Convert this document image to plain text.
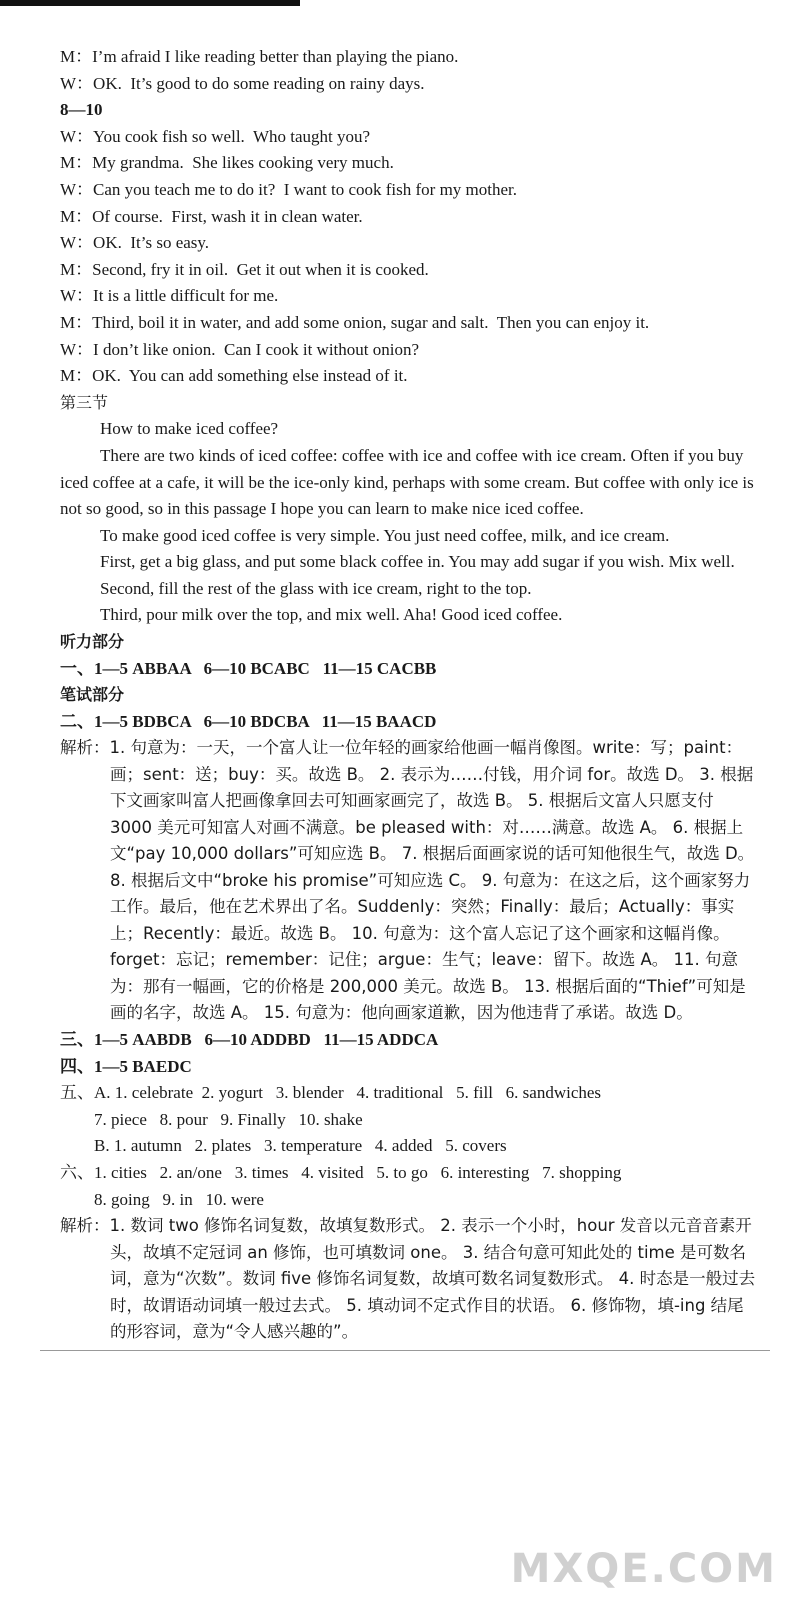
M：I’m afraid I like reading better than playing the piano.

W：OK.  It’s good to do some reading on rainy days.

8—10

W：You cook fish so well.  Who taught you?

M：My grandma.  She likes cooking very much.

W：Can you teach me to do it?  I want to cook fish for my mother.

M：Of course.  First, wash it in clean water.

W：OK.  It’s so easy.

M：Second, fry it in oil.  Get it out when it is cooked.

W：It is a little difficult for me.

M：Third, boil it in water, and add some onion, sugar and salt.  Then you can enjoy it.

W：I don’t like onion.  Can I cook it without onion?

M：OK.  You can add something else instead of it.

第三节

How to make iced coffee?

There are two kinds of iced coffee: coffee with ice and coffee with ice cream. Often if you buy iced coffee at a cafe, it will be the ice-only kind, perhaps with some cream. But coffee with only ice is not so good, so in this passage I hope you can learn to make nice iced coffee.

To make good iced coffee is very simple. You just need coffee, milk, and ice cream.

First, get a big glass, and put some black coffee in. You may add sugar if you wish. Mix well.

Second, fill the rest of the glass with ice cream, right to the top.

Third, pour milk over the top, and mix well. Aha! Good iced coffee.

听力部分

一、1—5 ABBAA   6—10 BCABC   11—15 CACBB

笔试部分

二、1—5 BDBCA   6—10 BDCBA   11—15 BAACD

解析：1. 句意为：一天，一个富人让一位年轻的画家给他画一幅肖像图。write：写；paint：画；sent：送；buy：买。故选 B。 2. 表示为……付钱，用介词 for。故选 D。 3. 根据下文画家叫富人把画像拿回去可知画家画完了，故选 B。 5. 根据后文富人只愿支付 3000 美元可知富人对画不满意。be pleased with：对……满意。故选 A。 6. 根据上文“pay 10,000 dollars”可知应选 B。 7. 根据后面画家说的话可知他很生气，故选 D。 8. 根据后文中“broke his promise”可知应选 C。 9. 句意为：在这之后，这个画家努力工作。最后，他在艺术界出了名。Suddenly：突然；Finally：最后；Actually：事实上；Recently：最近。故选 B。 10. 句意为：这个富人忘记了这个画家和这幅肖像。forget：忘记；remember：记住；argue：生气；leave：留下。故选 A。 11. 句意为：那有一幅画，它的价格是 200,000 美元。故选 B。 13. 根据后面的“Thief”可知是画的名字，故选 A。 15. 句意为：他向画家道歉，因为他违背了承诺。故选 D。

三、1—5 AABDB   6—10 ADDBD   11—15 ADDCA

四、1—5 BAEDC

五、A. 1. celebrate  2. yogurt   3. blender   4. traditional   5. fill   6. sandwiches

7. piece   8. pour   9. Finally   10. shake

B. 1. autumn   2. plates   3. temperature   4. added   5. covers

六、1. cities   2. an/one   3. times   4. visited   5. to go   6. interesting   7. shopping

8. going   9. in   10. were

解析：1. 数词 two 修饰名词复数，故填复数形式。 2. 表示一个小时，hour 发音以元音音素开头，故填不定冠词 an 修饰，也可填数词 one。 3. 结合句意可知此处的 time 是可数名词，意为“次数”。数词 five 修饰名词复数，故填可数名词复数形式。 4. 时态是一般过去时，故谓语动词填一般过去式。 5. 填动词不定式作目的状语。 6. 修饰物，填-ing 结尾的形容词，意为“令人感兴趣的”。

MXQE.COM
